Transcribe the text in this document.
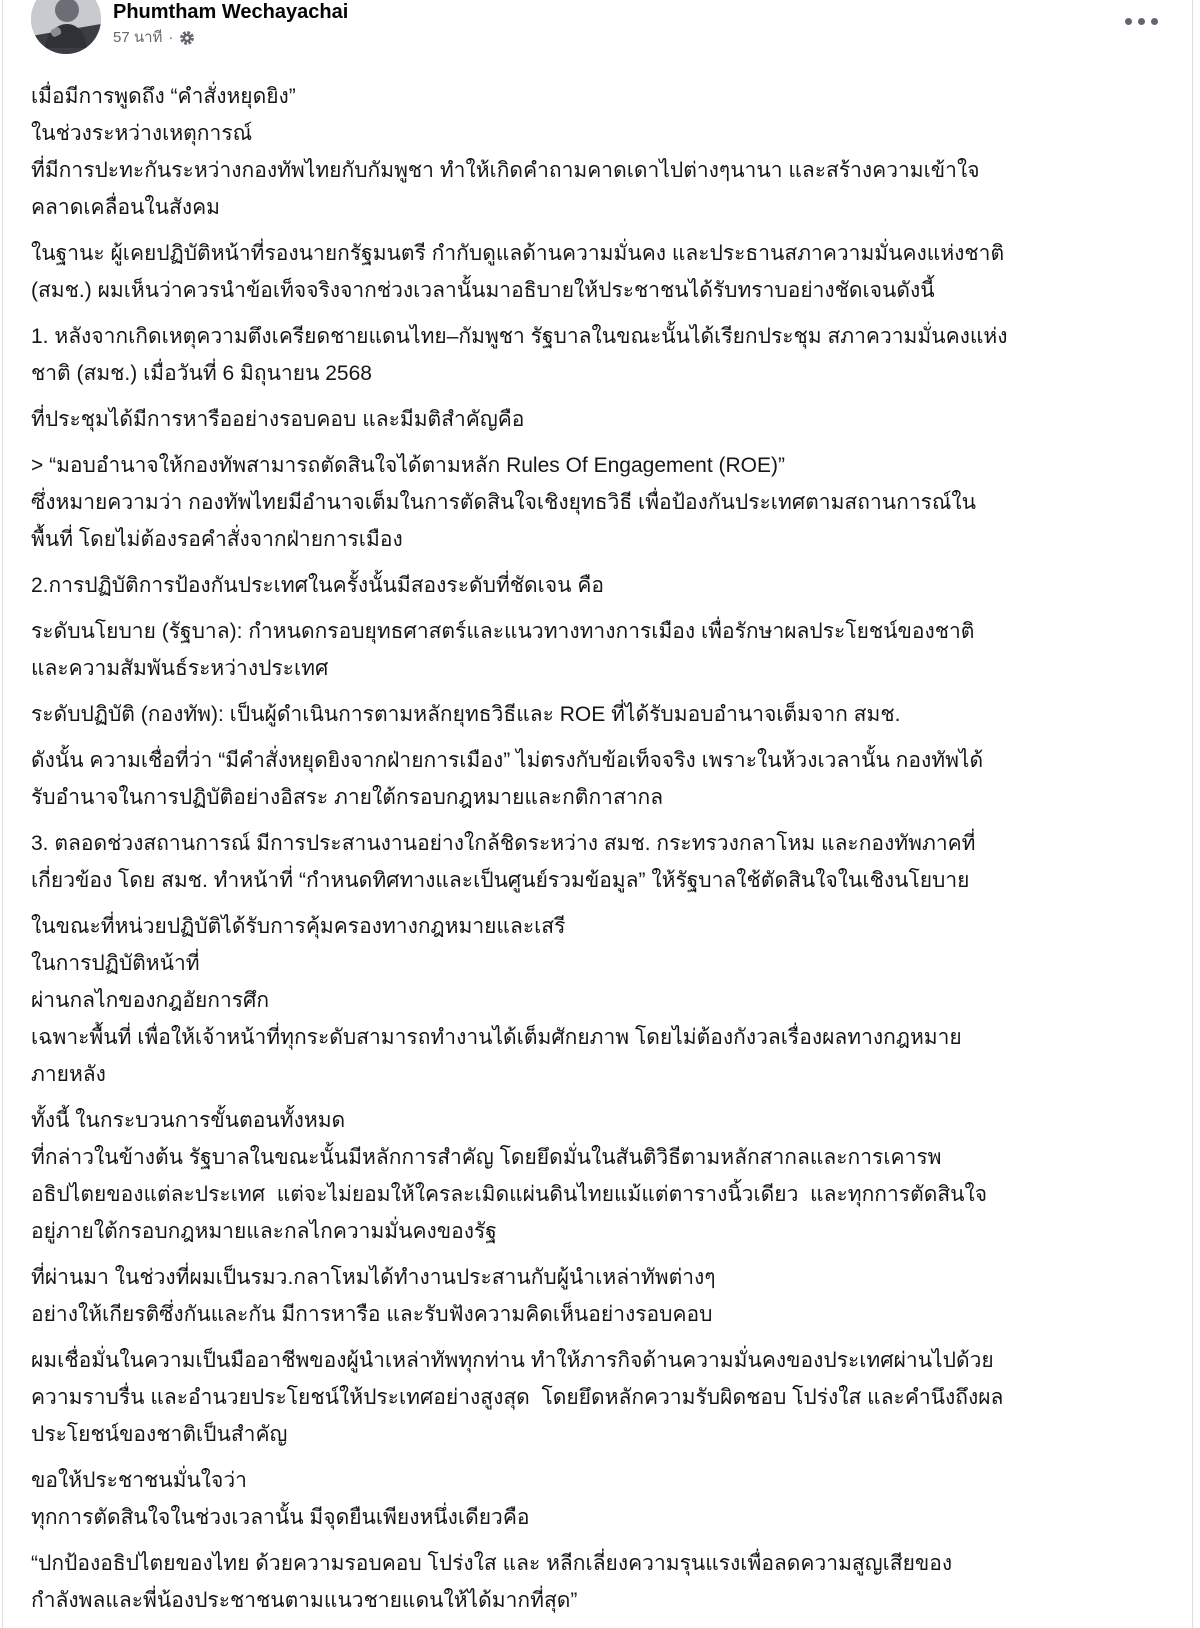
Phumtham Wechayachai
57 นาที ·
เมื่อมีการพูดถึง “คำสั่งหยุดยิง”
ในช่วงระหว่างเหตุการณ์
ที่มีการปะทะกันระหว่างกองทัพไทยกับกัมพูชา ทำให้เกิดคำถามคาดเดาไปต่างๆนานา และสร้างความเข้าใจ
คลาดเคลื่อนในสังคม
ในฐานะ ผู้เคยปฏิบัติหน้าที่รองนายกรัฐมนตรี กำกับดูแลด้านความมั่นคง และประธานสภาความมั่นคงแห่งชาติ
(สมช.) ผมเห็นว่าควรนำข้อเท็จจริงจากช่วงเวลานั้นมาอธิบายให้ประชาชนได้รับทราบอย่างชัดเจนดังนี้
1. หลังจากเกิดเหตุความตึงเครียดชายแดนไทย–กัมพูชา รัฐบาลในขณะนั้นได้เรียกประชุม สภาความมั่นคงแห่ง
ชาติ (สมช.) เมื่อวันที่ 6 มิถุนายน 2568
ที่ประชุมได้มีการหารืออย่างรอบคอบ และมีมติสำคัญคือ
> “มอบอำนาจให้กองทัพสามารถตัดสินใจได้ตามหลัก Rules Of Engagement (ROE)”
ซึ่งหมายความว่า กองทัพไทยมีอำนาจเต็มในการตัดสินใจเชิงยุทธวิธี เพื่อป้องกันประเทศตามสถานการณ์ใน
พื้นที่ โดยไม่ต้องรอคำสั่งจากฝ่ายการเมือง
2.การปฏิบัติการป้องกันประเทศในครั้งนั้นมีสองระดับที่ชัดเจน คือ
ระดับนโยบาย (รัฐบาล): กำหนดกรอบยุทธศาสตร์และแนวทางทางการเมือง เพื่อรักษาผลประโยชน์ของชาติ
และความสัมพันธ์ระหว่างประเทศ
ระดับปฏิบัติ (กองทัพ): เป็นผู้ดำเนินการตามหลักยุทธวิธีและ ROE ที่ได้รับมอบอำนาจเต็มจาก สมช.
ดังนั้น ความเชื่อที่ว่า “มีคำสั่งหยุดยิงจากฝ่ายการเมือง” ไม่ตรงกับข้อเท็จจริง เพราะในห้วงเวลานั้น กองทัพได้
รับอำนาจในการปฏิบัติอย่างอิสระ ภายใต้กรอบกฎหมายและกติกาสากล
3. ตลอดช่วงสถานการณ์ มีการประสานงานอย่างใกล้ชิดระหว่าง สมช. กระทรวงกลาโหม และกองทัพภาคที่
เกี่ยวข้อง โดย สมช. ทำหน้าที่ “กำหนดทิศทางและเป็นศูนย์รวมข้อมูล” ให้รัฐบาลใช้ตัดสินใจในเชิงนโยบาย
ในขณะที่หน่วยปฏิบัติได้รับการคุ้มครองทางกฎหมายและเสรี
ในการปฏิบัติหน้าที่
ผ่านกลไกของกฎอัยการศึก
เฉพาะพื้นที่ เพื่อให้เจ้าหน้าที่ทุกระดับสามารถทำงานได้เต็มศักยภาพ โดยไม่ต้องกังวลเรื่องผลทางกฎหมาย
ภายหลัง
ทั้งนี้ ในกระบวนการขั้นตอนทั้งหมด
ที่กล่าวในข้างต้น รัฐบาลในขณะนั้นมีหลักการสำคัญ โดยยึดมั่นในสันติวิธีตามหลักสากลและการเคารพ
อธิปไตยของแต่ละประเทศ  แต่จะไม่ยอมให้ใครละเมิดแผ่นดินไทยแม้แต่ตารางนิ้วเดียว  และทุกการตัดสินใจ
อยู่ภายใต้กรอบกฎหมายและกลไกความมั่นคงของรัฐ
ที่ผ่านมา ในช่วงที่ผมเป็นรมว.กลาโหมได้ทำงานประสานกับผู้นำเหล่าทัพต่างๆ
อย่างให้เกียรติซึ่งกันและกัน มีการหารือ และรับฟังความคิดเห็นอย่างรอบคอบ
ผมเชื่อมั่นในความเป็นมืออาชีพของผู้นำเหล่าทัพทุกท่าน ทำให้ภารกิจด้านความมั่นคงของประเทศผ่านไปด้วย
ความราบรื่น และอำนวยประโยชน์ให้ประเทศอย่างสูงสุด  โดยยึดหลักความรับผิดชอบ โปร่งใส และคำนึงถึงผล
ประโยชน์ของชาติเป็นสำคัญ
ขอให้ประชาชนมั่นใจว่า
ทุกการตัดสินใจในช่วงเวลานั้น มีจุดยืนเพียงหนึ่งเดียวคือ
“ปกป้องอธิปไตยของไทย ด้วยความรอบคอบ โปร่งใส และ หลีกเลี่ยงความรุนแรงเพื่อลดความสูญเสียของ
กำลังพลและพี่น้องประชาชนตามแนวชายแดนให้ได้มากที่สุด”
